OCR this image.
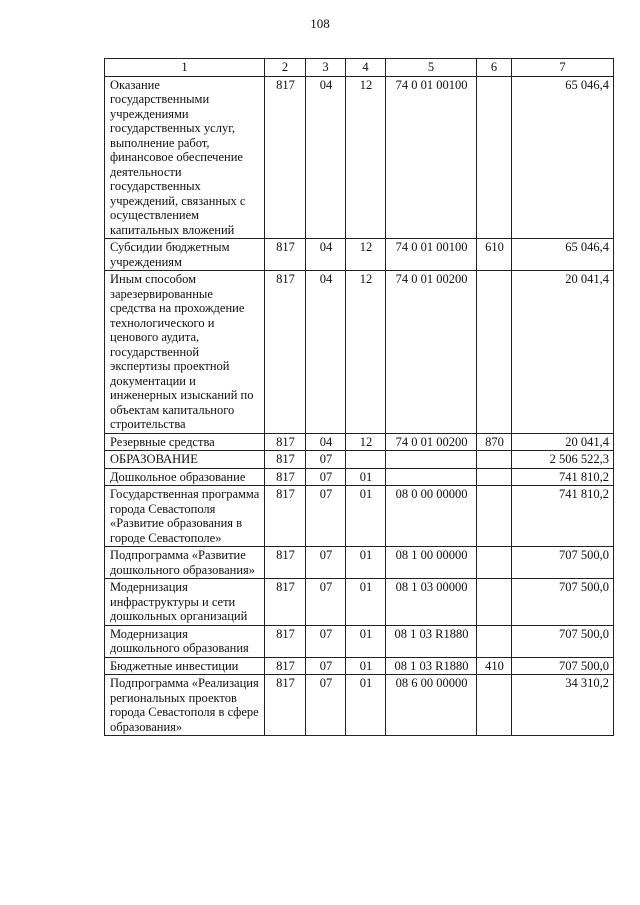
108
1	2	3	4	5	6	7
Оказание государственными учреждениями государственных услуг, выполнение работ, финансовое обеспечение деятельности государственных учреждений, связанных с осуществлением капитальных вложений	817	04	12	74 0 01 00100		65 046,4
Субсидии бюджетным учреждениям	817	04	12	74 0 01 00100	610	65 046,4
Иным способом зарезервированные средства на прохождение технологического и ценового аудита, государственной экспертизы проектной документации и инженерных изысканий по объектам капитального строительства	817	04	12	74 0 01 00200		20 041,4
Резервные средства	817	04	12	74 0 01 00200	870	20 041,4
ОБРАЗОВАНИЕ	817	07				2 506 522,3
Дошкольное образование	817	07	01			741 810,2
Государственная программа города Севастополя «Развитие образования в городе Севастополе»	817	07	01	08 0 00 00000		741 810,2
Подпрограмма «Развитие дошкольного образования»	817	07	01	08 1 00 00000		707 500,0
Модернизация инфраструктуры и сети дошкольных организаций	817	07	01	08 1 03 00000		707 500,0
Модернизация дошкольного образования	817	07	01	08 1 03 R1880		707 500,0
Бюджетные инвестиции	817	07	01	08 1 03 R1880	410	707 500,0
Подпрограмма «Реализация региональных проектов города Севастополя в сфере образования»	817	07	01	08 6 00 00000		34 310,2
